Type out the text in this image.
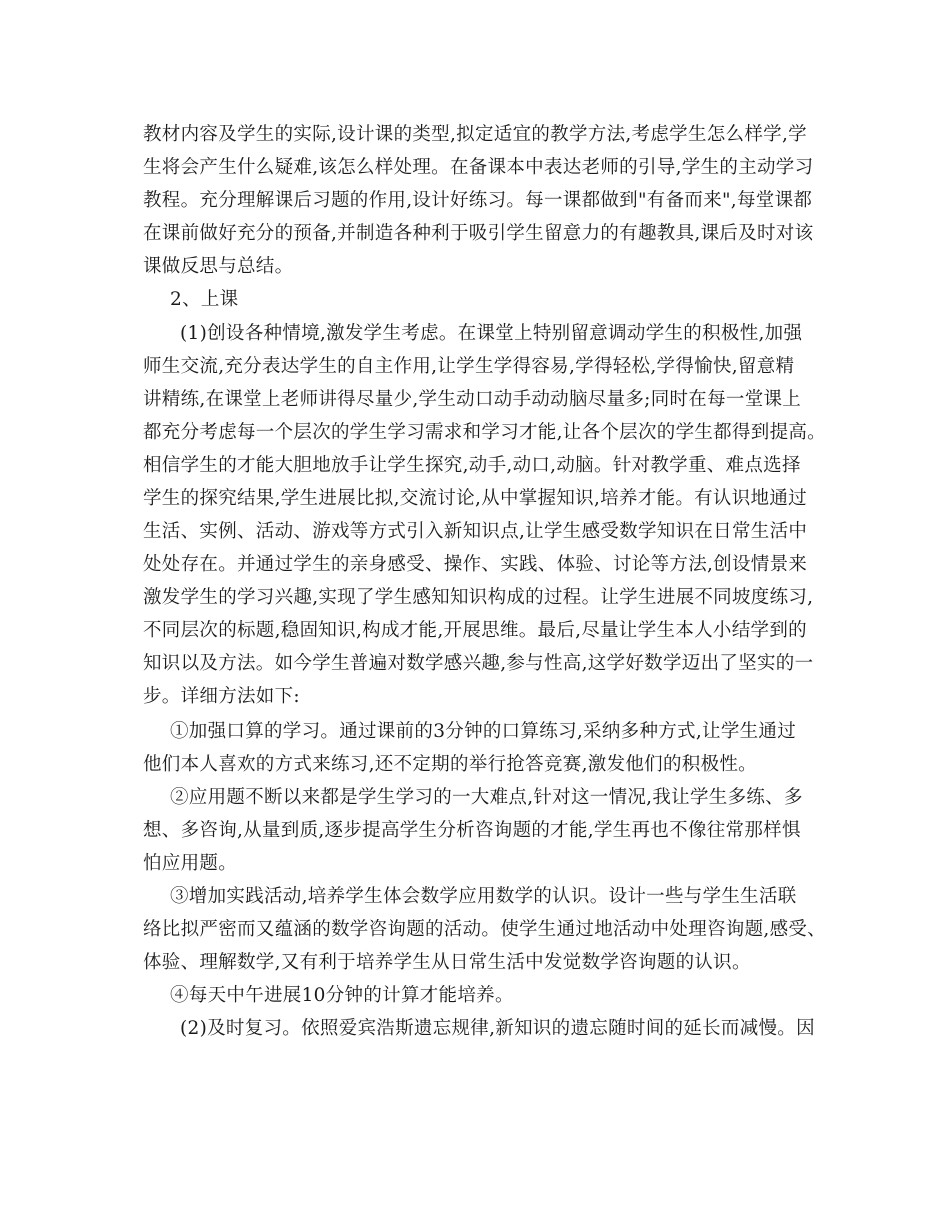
教材内容及学生的实际,设计课的类型,拟定适宜的教学方法,考虑学生怎么样学,学
生将会产生什么疑难,该怎么样处理。在备课本中表达老师的引导,学生的主动学习
教程。充分理解课后习题的作用,设计好练习。每一课都做到"有备而来",每堂课都
在课前做好充分的预备,并制造各种利于吸引学生留意力的有趣教具,课后及时对该
课做反思与总结。
2、上课
(1)创设各种情境,激发学生考虑。在课堂上特别留意调动学生的积极性,加强
师生交流,充分表达学生的自主作用,让学生学得容易,学得轻松,学得愉快,留意精
讲精练,在课堂上老师讲得尽量少,学生动口动手动动脑尽量多;同时在每一堂课上
都充分考虑每一个层次的学生学习需求和学习才能,让各个层次的学生都得到提高。
相信学生的才能大胆地放手让学生探究,动手,动口,动脑。针对教学重、难点选择
学生的探究结果,学生进展比拟,交流讨论,从中掌握知识,培养才能。有认识地通过
生活、实例、活动、游戏等方式引入新知识点,让学生感受数学知识在日常生活中
处处存在。并通过学生的亲身感受、操作、实践、体验、讨论等方法,创设情景来
激发学生的学习兴趣,实现了学生感知知识构成的过程。让学生进展不同坡度练习,
不同层次的标题,稳固知识,构成才能,开展思维。最后,尽量让学生本人小结学到的
知识以及方法。如今学生普遍对数学感兴趣,参与性高,这学好数学迈出了坚实的一
步。详细方法如下:
①加强口算的学习。通过课前的3分钟的口算练习,采纳多种方式,让学生通过
他们本人喜欢的方式来练习,还不定期的举行抢答竞赛,激发他们的积极性。
②应用题不断以来都是学生学习的一大难点,针对这一情况,我让学生多练、多
想、多咨询,从量到质,逐步提高学生分析咨询题的才能,学生再也不像往常那样惧
怕应用题。
③增加实践活动,培养学生体会数学应用数学的认识。设计一些与学生生活联
络比拟严密而又蕴涵的数学咨询题的活动。使学生通过地活动中处理咨询题,感受、
体验、理解数学,又有利于培养学生从日常生活中发觉数学咨询题的认识。
④每天中午进展10分钟的计算才能培养。
(2)及时复习。依照爱宾浩斯遗忘规律,新知识的遗忘随时间的延长而减慢。因
